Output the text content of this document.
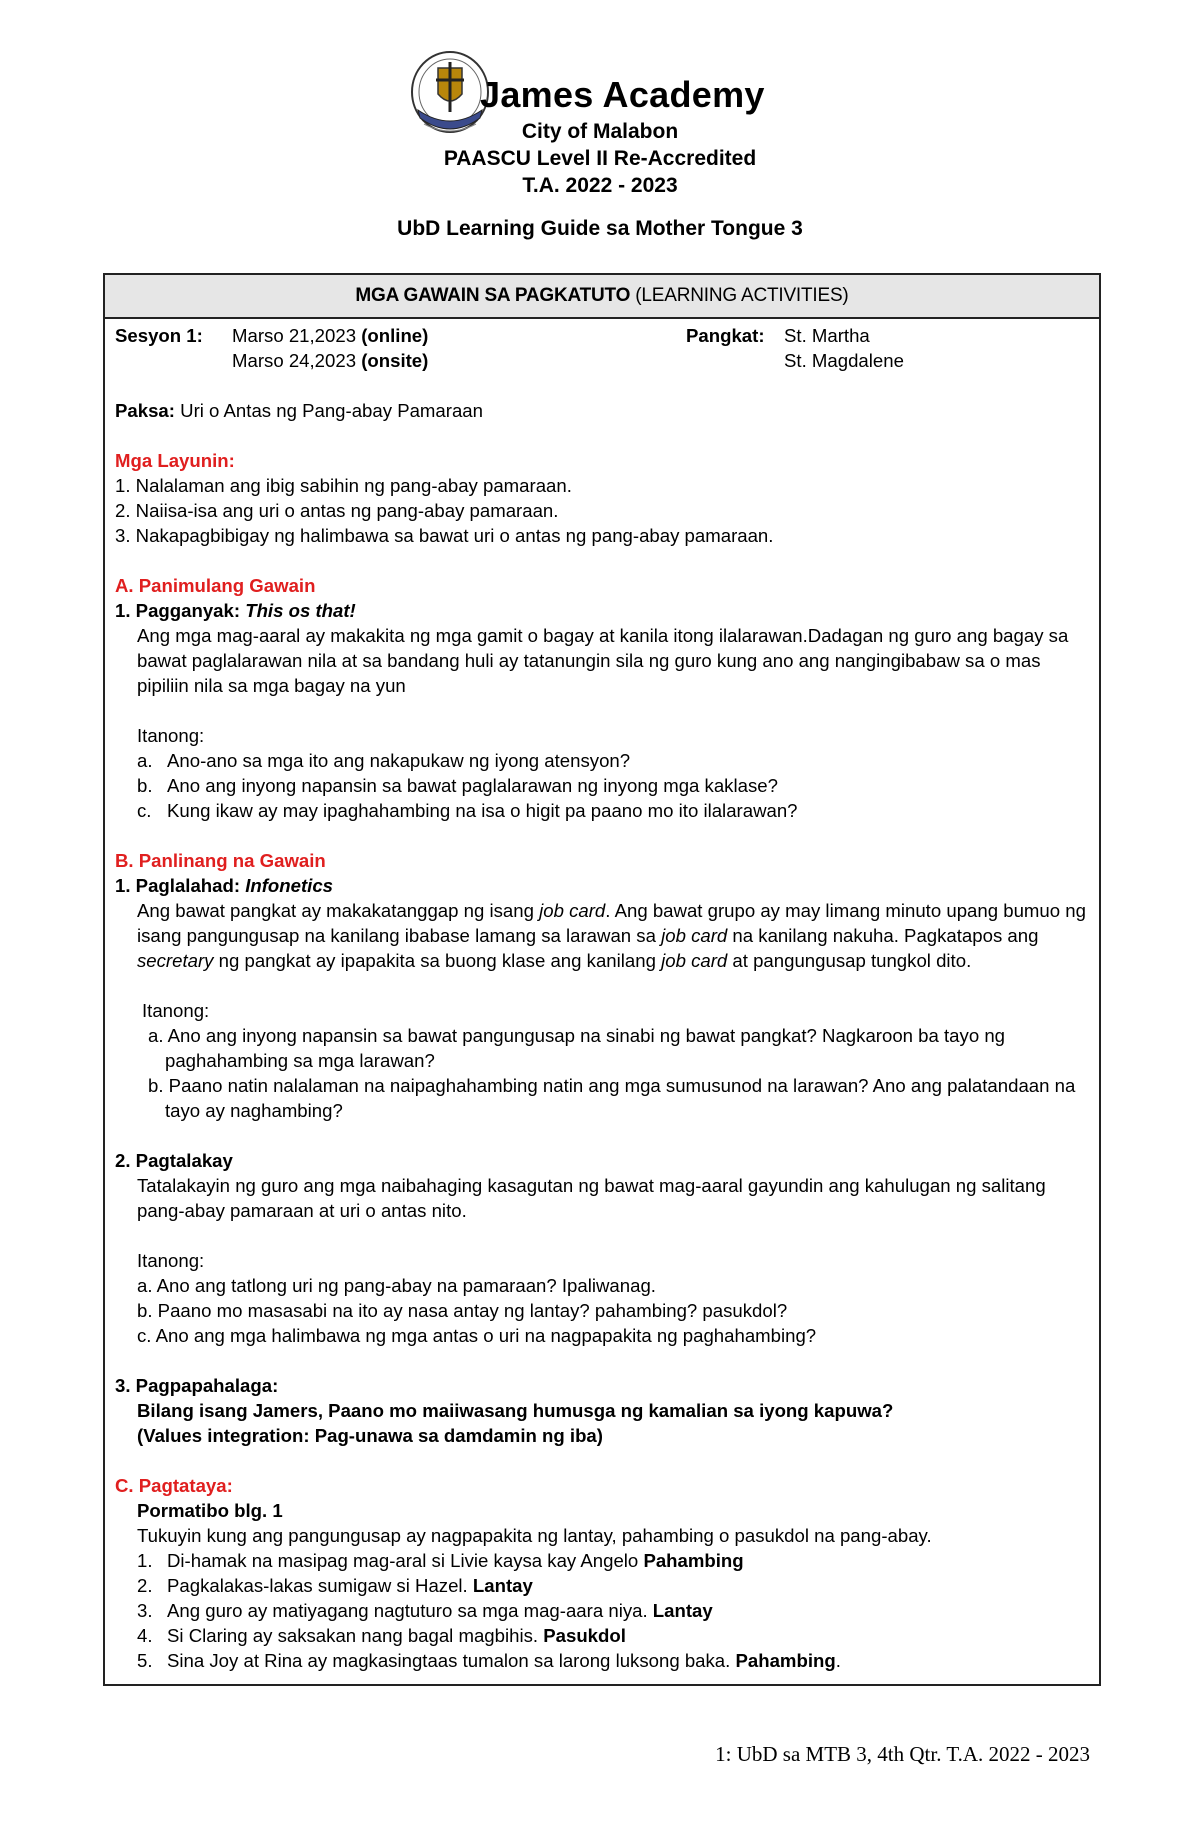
James Academy
City of Malabon
PAASCU Level II Re-Accredited
T.A. 2022 - 2023
UbD Learning Guide sa Mother Tongue 3
MGA GAWAIN SA PAGKATUTO (LEARNING ACTIVITIES)
Sesyon 1: Marso 21,2023 (online)	Pangkat: St. Martha
Marso 24,2023 (onsite)	St. Magdalene
Paksa: Uri o Antas ng Pang-abay Pamaraan
Mga Layunin:
1. Nalalaman ang ibig sabihin ng pang-abay pamaraan.
2. Naiisa-isa ang uri o antas ng pang-abay pamaraan.
3. Nakapagbibigay ng halimbawa sa bawat uri o antas ng pang-abay pamaraan.
A. Panimulang Gawain
1. Pagganyak: This os that!
Ang mga mag-aaral ay makakita ng mga gamit o bagay at kanila itong ilalarawan.Dadagan ng guro ang bagay sa bawat paglalarawan nila at sa bandang huli ay tatanungin sila ng guro kung ano ang nangingibabaw sa o mas pipiliin nila sa mga bagay na yun
Itanong:
a. Ano-ano sa mga ito ang nakapukaw ng iyong atensyon?
b. Ano ang inyong napansin sa bawat paglalarawan ng inyong mga kaklase?
c. Kung ikaw ay may ipaghahambing na isa o higit pa paano mo ito ilalarawan?
B. Panlinang na Gawain
1. Paglalahad: Infonetics
Ang bawat pangkat ay makakatanggap ng isang job card. Ang bawat grupo ay may limang minuto upang bumuo ng isang pangungusap na kanilang ibabase lamang sa larawan sa job card na kanilang nakuha. Pagkatapos ang secretary ng pangkat ay ipapakita sa buong klase ang kanilang job card at pangungusap tungkol dito.
Itanong:
a. Ano ang inyong napansin sa bawat pangungusap na sinabi ng bawat pangkat? Nagkaroon ba tayo ng paghahambing sa mga larawan?
b. Paano natin nalalaman na naipaghahambing natin ang mga sumusunod na larawan? Ano ang palatandaan na tayo ay naghambing?
2. Pagtalakay
Tatalakayin ng guro ang mga naibahaging kasagutan ng bawat mag-aaral gayundin ang kahulugan ng salitang pang-abay pamaraan at uri o antas nito.
Itanong:
a. Ano ang tatlong uri ng pang-abay na pamaraan? Ipaliwanag.
b. Paano mo masasabi na ito ay nasa antay ng lantay? pahambing? pasukdol?
c. Ano ang mga halimbawa ng mga antas o uri na nagpapakita ng paghahambing?
3. Pagpapahalaga:
Bilang isang Jamers, Paano mo maiiwasang humusga ng kamalian sa iyong kapuwa?
(Values integration: Pag-unawa sa damdamin ng iba)
C. Pagtataya:
Pormatibo blg. 1
Tukuyin kung ang pangungusap ay nagpapakita ng lantay, pahambing o pasukdol na pang-abay.
1. Di-hamak na masipag mag-aral si Livie kaysa kay Angelo Pahambing
2. Pagkalakas-lakas sumigaw si Hazel. Lantay
3. Ang guro ay matiyagang nagtuturo sa mga mag-aara niya. Lantay
4. Si Claring ay saksakan nang bagal magbihis. Pasukdol
5. Sina Joy at Rina ay magkasingtaas tumalon sa larong luksong baka. Pahambing.
1: UbD sa MTB 3, 4th Qtr. T.A. 2022 - 2023
